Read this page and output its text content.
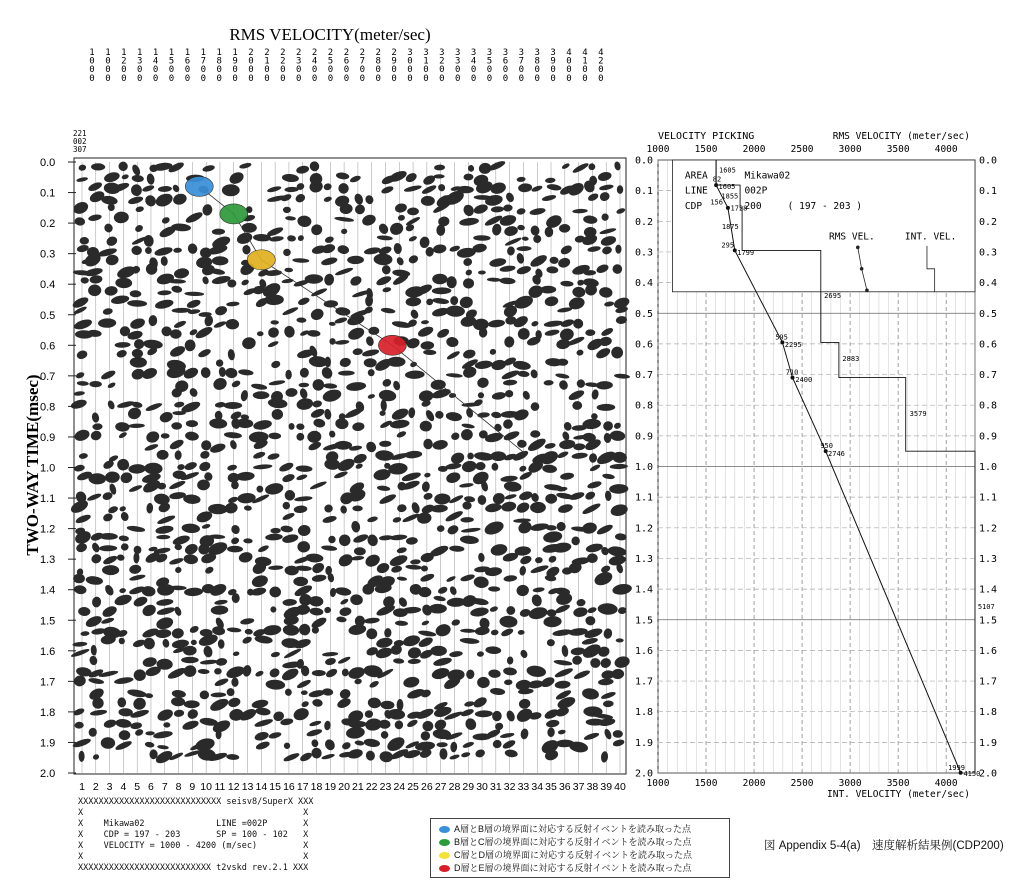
RMS VELOCITY(meter/sec)
1
0
0
0
1
0
0
0
1
2
0
0
1
3
0
0
1
4
0
0
1
5
0
0
1
6
0
0
1
7
0
0
1
8
0
0
1
9
0
0
2
0
0
0
2
1
0
0
2
2
0
0
2
3
0
0
2
4
0
0
2
5
0
0
2
6
0
0
2
7
0
0
2
8
0
0
2
9
0
0
3
0
0
0
3
1
0
0
3
2
0
0
3
3
0
0
3
4
0
0
3
5
0
0
3
6
0
0
3
7
0
0
3
8
0
0
3
9
0
0
4
0
0
0
4
1
0
0
4
2
0
0
221
002
307
TWO-WAY TIME(msec)
0.0
0.1
0.2
0.3
0.4
0.5
0.6
0.7
0.8
0.9
1.0
1.1
1.2
1.3
1.4
1.5
1.6
1.7
1.8
1.9
2.0
1 2 3 4 5 6 7 8 9 10 11 12 13 14 15 16 17 18 19 20 21 22 23 24 25 26 27 28 29 30 31 32 33 34 35 36 37 38 39 40
1000
1000
1500
1500
2000
2000
2500
2500
3000
3000
3500
3500
4000
4000
0.0	0.0
0.1	0.1
0.2	0.2
0.3	0.3
0.4	0.4
0.5	0.5
0.6	0.6
0.7	0.7
0.8	0.8
0.9	0.9
1.0	1.0
1.1	1.1
1.2	1.2
1.3	1.3
1.4	1.4
1.5	1.5
1.6	1.6
1.7	1.7
1.8	1.8
1.9	1.9
2.0	2.0
AREA	Mikawa02
LINE	002P
CDP	200	( 197 - 203 )
RMS VEL.	INT. VEL.
1605
82
1605
1855
156
1728
1875
295
1799
2695
595
2295
2883
710
2400
3579
950
2746
5107
1999
4150
VELOCITY PICKING	RMS VELOCITY (meter/sec)
INT. VELOCITY (meter/sec)
XXXXXXXXXXXXXXXXXXXXXXXXXXXX seisv8/SuperX XXX
X                                           X
X    Mikawa02              LINE =002P       X
X    CDP = 197 - 203       SP = 100 - 102   X
X    VELOCITY = 1000 - 4200 (m/sec)         X
X                                           X
XXXXXXXXXXXXXXXXXXXXXXXXXX t2vskd rev.2.1 XXX
A層とB層の境界面に対応する反射イベントを読み取った点
B層とC層の境界面に対応する反射イベントを読み取った点
C層とD層の境界面に対応する反射イベントを読み取った点
D層とE層の境界面に対応する反射イベントを読み取った点
図 Appendix 5-4(a)　速度解析結果例(CDP200)
